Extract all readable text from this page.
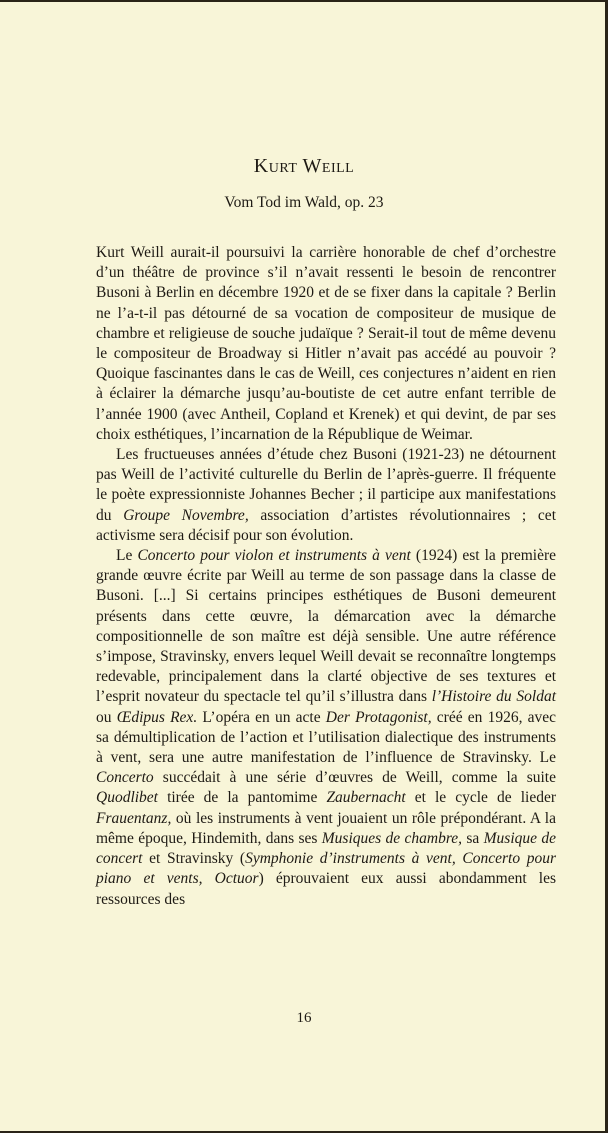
Kurt Weill
Vom Tod im Wald, op. 23

Kurt Weill aurait-il poursuivi la carrière honorable de chef d’orchestre d’un théâtre de province s’il n’avait ressenti le besoin de rencontrer Busoni à Berlin en décembre 1920 et de se fixer dans la capitale ? Berlin ne l’a-t-il pas détourné de sa vocation de compositeur de musique de chambre et religieuse de souche judaïque ? Serait-il tout de même devenu le compositeur de Broadway si Hitler n’avait pas accédé au pouvoir ? Quoique fascinantes dans le cas de Weill, ces conjectures n’aident en rien à éclairer la démarche jusqu’au-boutiste de cet autre enfant terrible de l’année 1900 (avec Antheil, Copland et Krenek) et qui devint, de par ses choix esthétiques, l’incarnation de la République de Weimar.

Les fructueuses années d’étude chez Busoni (1921-23) ne détournent pas Weill de l’activité culturelle du Berlin de l’après-guerre. Il fréquente le poète expressionniste Johannes Becher ; il participe aux manifestations du Groupe Novembre, association d’artistes révolutionnaires ; cet activisme sera décisif pour son évolution.

Le Concerto pour violon et instruments à vent (1924) est la première grande œuvre écrite par Weill au terme de son passage dans la classe de Busoni. [...] Si certains principes esthétiques de Busoni demeurent présents dans cette œuvre, la démarcation avec la démarche compositionnelle de son maître est déjà sensible. Une autre référence s’impose, Stravinsky, envers lequel Weill devait se reconnaître longtemps redevable, principalement dans la clarté objective de ses textures et l’esprit novateur du spectacle tel qu’il s’illustra dans l’Histoire du Soldat ou Œdipus Rex. L’opéra en un acte Der Protagonist, créé en 1926, avec sa démultiplication de l’action et l’utilisation dialectique des instruments à vent, sera une autre manifestation de l’influence de Stravinsky. Le Concerto succédait à une série d’œuvres de Weill, comme la suite Quodlibet tirée de la pantomime Zaubernacht et le cycle de lieder Frauentanz, où les instruments à vent jouaient un rôle prépondérant. A la même époque, Hindemith, dans ses Musiques de chambre, sa Musique de concert et Stravinsky (Symphonie d’instruments à vent, Concerto pour piano et vents, Octuor) éprouvaient eux aussi abondamment les ressources des

16
